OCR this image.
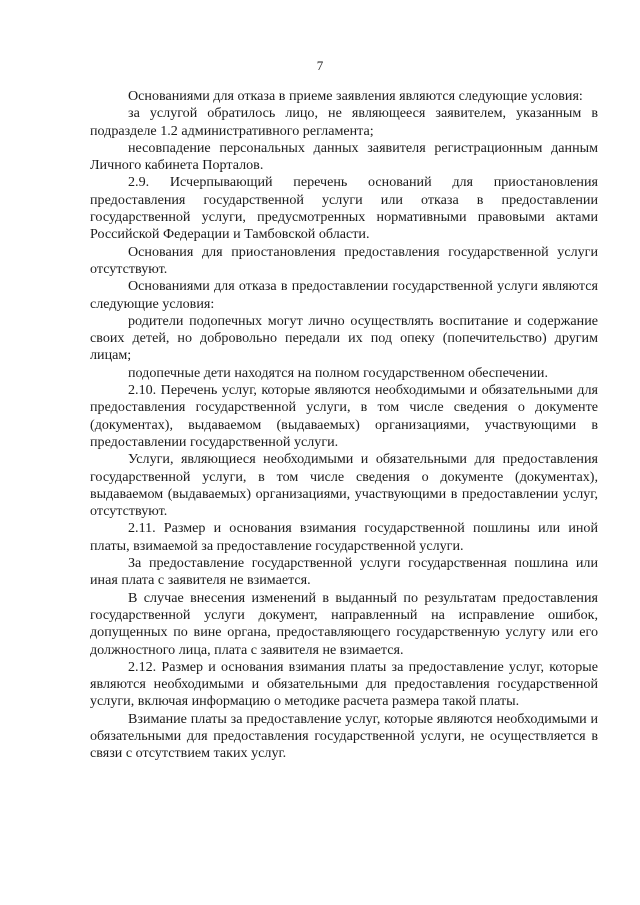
7

Основаниями для отказа в приеме заявления являются следующие условия:

за услугой обратилось лицо, не являющееся заявителем, указанным в подразделе 1.2 административного регламента;

несовпадение персональных данных заявителя регистрационным данным Личного кабинета Порталов.

2.9. Исчерпывающий перечень оснований для приостановления предоставления государственной услуги или отказа в предоставлении государственной услуги, предусмотренных нормативными правовыми актами Российской Федерации и Тамбовской области.

Основания для приостановления предоставления государственной услуги отсутствуют.

Основаниями для отказа в предоставлении государственной услуги являются следующие условия:

родители подопечных могут лично осуществлять воспитание и содержание своих детей, но добровольно передали их под опеку (попечительство) другим лицам;

подопечные дети находятся на полном государственном обеспечении.

2.10. Перечень услуг, которые являются необходимыми и обязательными для предоставления государственной услуги, в том числе сведения о документе (документах), выдаваемом (выдаваемых) организациями, участвующими в предоставлении государственной услуги.

Услуги, являющиеся необходимыми и обязательными для предоставления государственной услуги, в том числе сведения о документе (документах), выдаваемом (выдаваемых) организациями, участвующими в предоставлении услуг, отсутствуют.

2.11. Размер и основания взимания государственной пошлины или иной платы, взимаемой за предоставление государственной услуги.

За предоставление государственной услуги государственная пошлина или иная плата с заявителя не взимается.

В случае внесения изменений в выданный по результатам предоставления государственной услуги документ, направленный на исправление ошибок, допущенных по вине органа, предоставляющего государственную услугу или его должностного лица, плата с заявителя не взимается.

2.12. Размер и основания взимания платы за предоставление услуг, которые являются необходимыми и обязательными для предоставления государственной услуги, включая информацию о методике расчета размера такой платы.

Взимание платы за предоставление услуг, которые являются необходимыми и обязательными для предоставления государственной услуги, не осуществляется в связи с отсутствием таких услуг.
